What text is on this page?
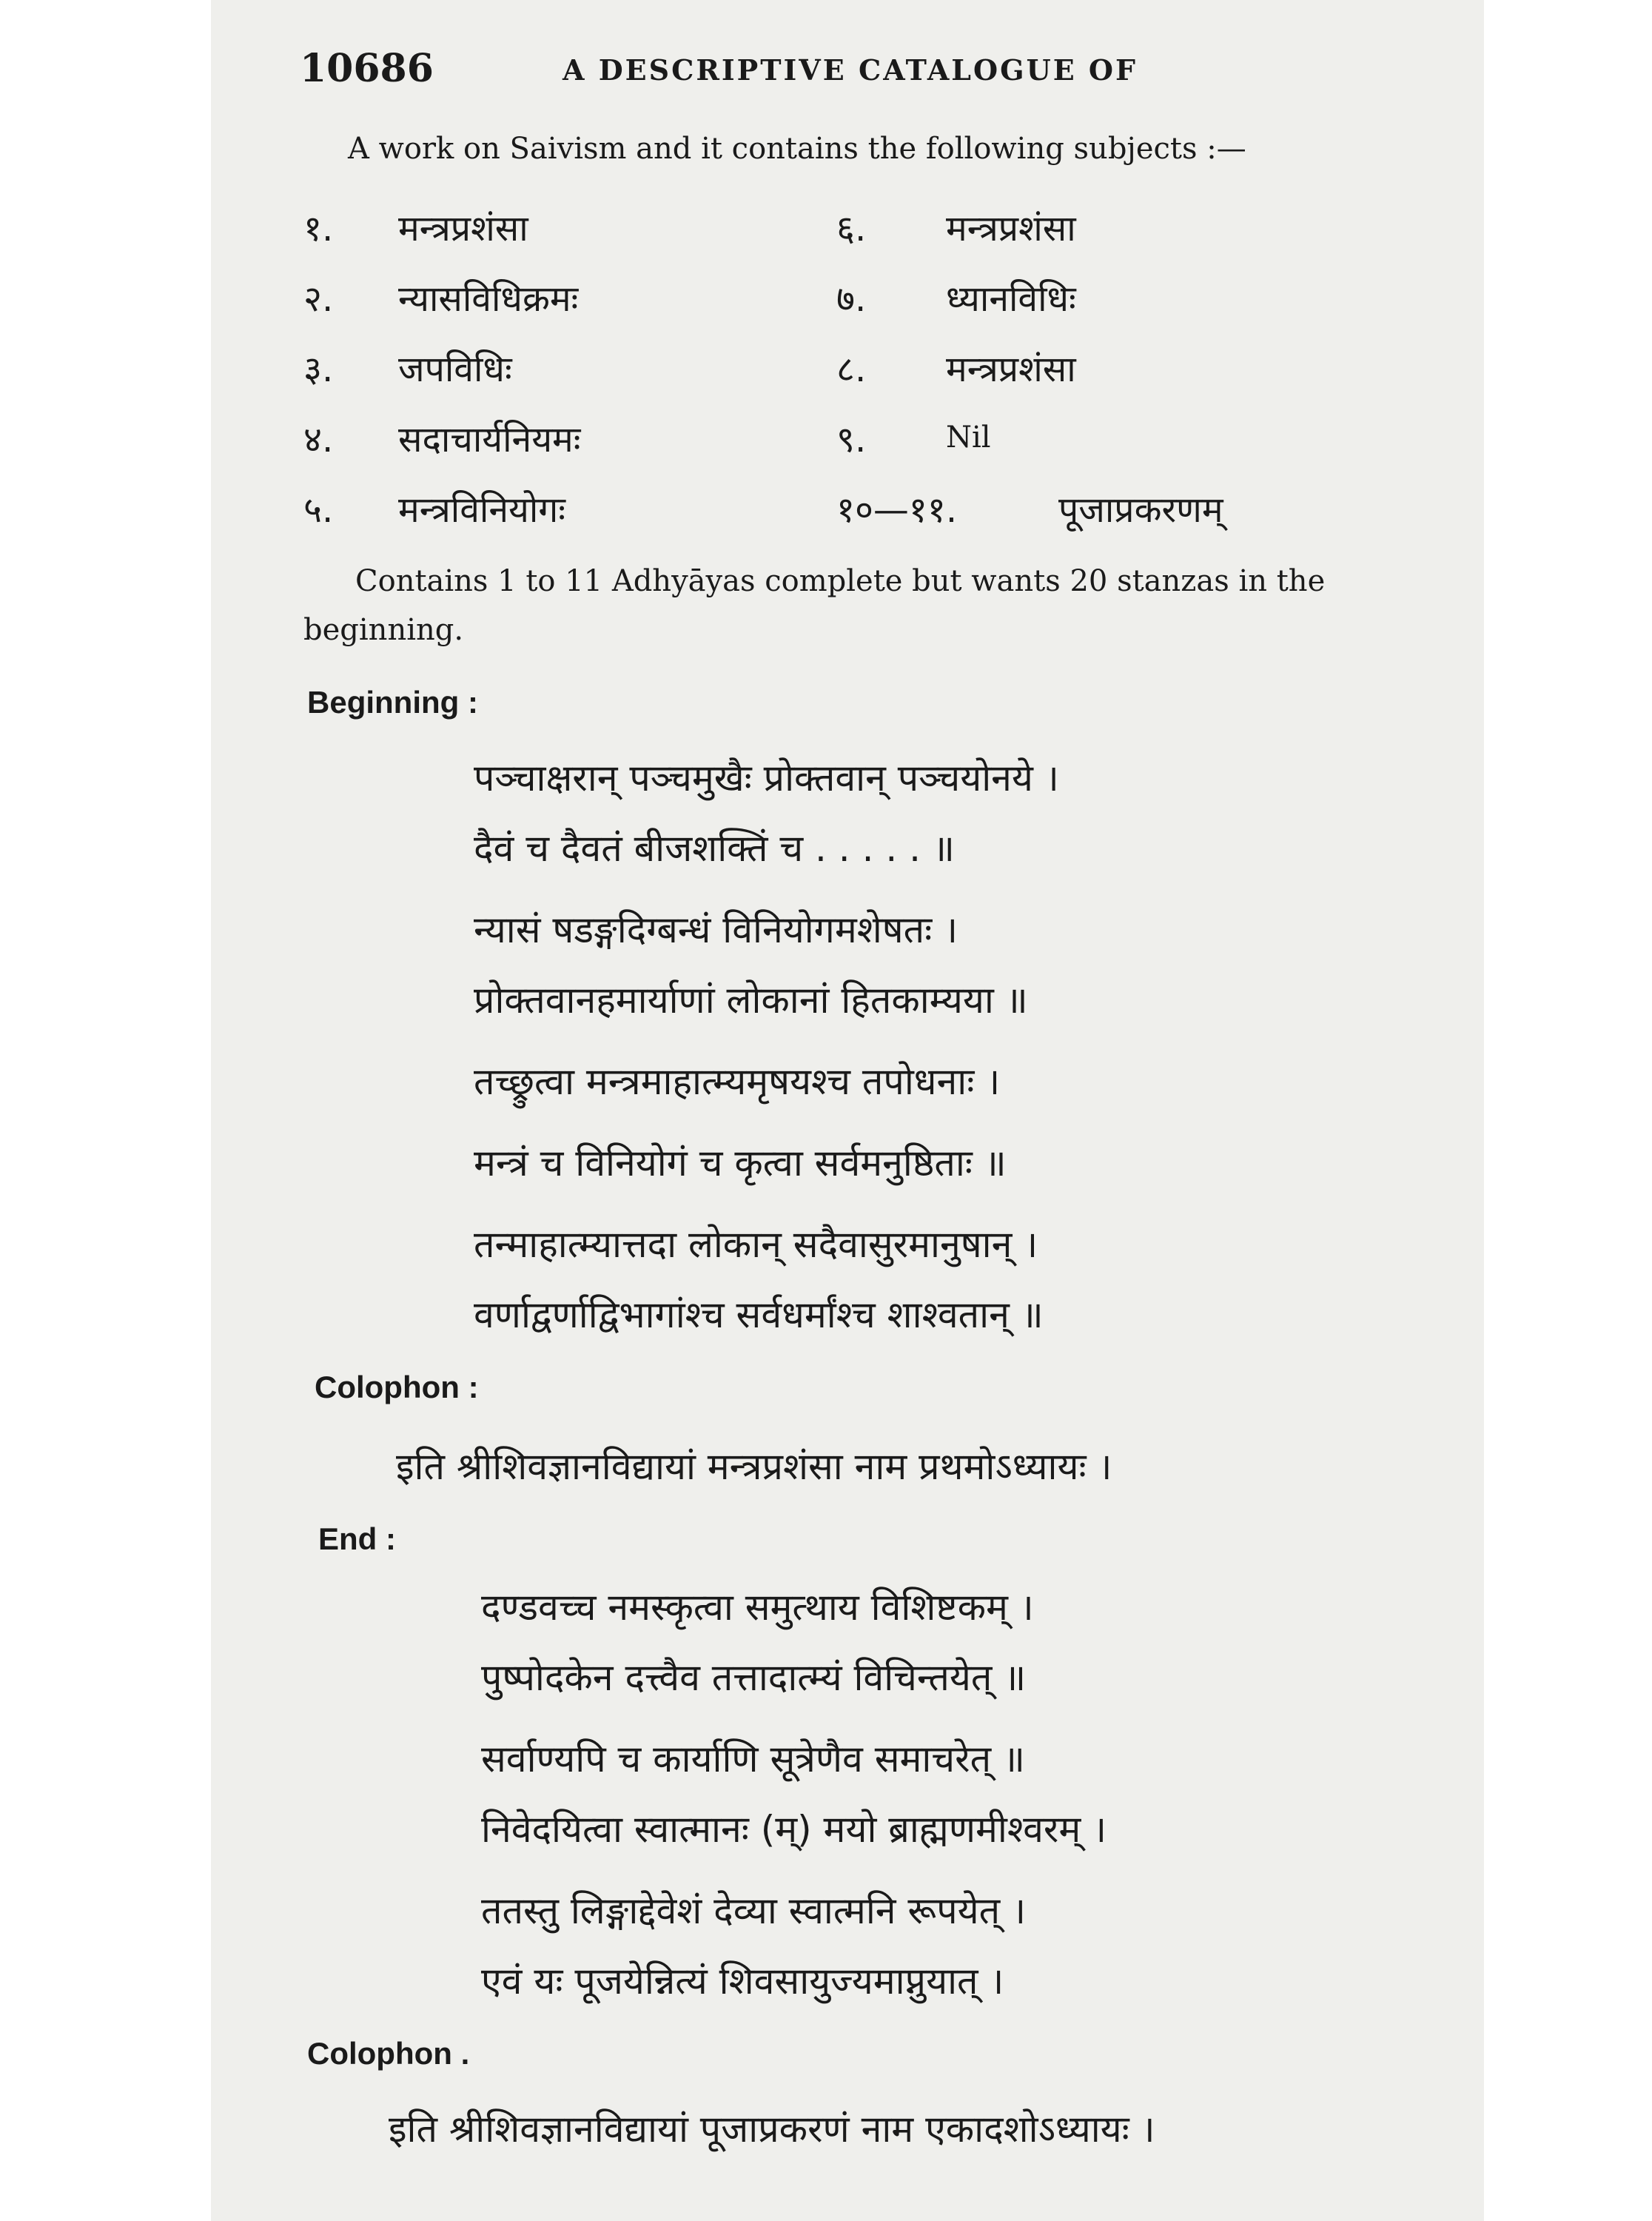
10686	A DESCRIPTIVE CATALOGUE OF
A work on Saivism and it contains the following subjects :—
१. मन्त्रप्रशंसा
२. न्यासविधिक्रमः
३. जपविधिः
४. सदाचार्यनियमः
५. मन्त्रविनियोगः
६. मन्त्रप्रशंसा
७. ध्यानविधिः
८. मन्त्रप्रशंसा
९.	Nil
१०—११.	पूजाप्रकरणम्
Contains 1 to 11 Adhyāyas complete but wants 20 stanzas in the
beginning.
Beginning :
पञ्चाक्षरान् पञ्चमुखैः प्रोक्तवान् पञ्चयोनये ।
दैवं च दैवतं बीजशक्तिं च . . . . . ॥
न्यासं षडङ्गदिग्बन्धं विनियोगमशेषतः ।
प्रोक्तवानहमार्याणां लोकानां हितकाम्यया ॥
तच्छ्रुत्वा मन्त्रमाहात्म्यमृषयश्च तपोधनाः ।
मन्त्रं च विनियोगं च कृत्वा सर्वमनुष्ठिताः ॥
तन्माहात्म्यात्तदा लोकान् सदैवासुरमानुषान् ।
वर्णाद्वर्णाद्विभागांश्च सर्वधर्मांश्च शाश्वतान् ॥
Colophon :
इति श्रीशिवज्ञानविद्यायां मन्त्रप्रशंसा नाम प्रथमोऽध्यायः ।
End :
दण्डवच्च नमस्कृत्वा समुत्थाय विशिष्टकम् ।
पुष्पोदकेन दत्त्वैव तत्तादात्म्यं विचिन्तयेत् ॥
सर्वाण्यपि च कार्याणि सूत्रेणैव समाचरेत् ॥
निवेदयित्वा स्वात्मानः (म्) मयो ब्राह्मणमीश्वरम् ।
ततस्तु लिङ्गाद्देवेशं देव्या स्वात्मनि रूपयेत् ।
एवं यः पूजयेन्नित्यं शिवसायुज्यमाप्नुयात् ।
Colophon .
इति श्रीशिवज्ञानविद्यायां पूजाप्रकरणं नाम एकादशोऽध्यायः ।
